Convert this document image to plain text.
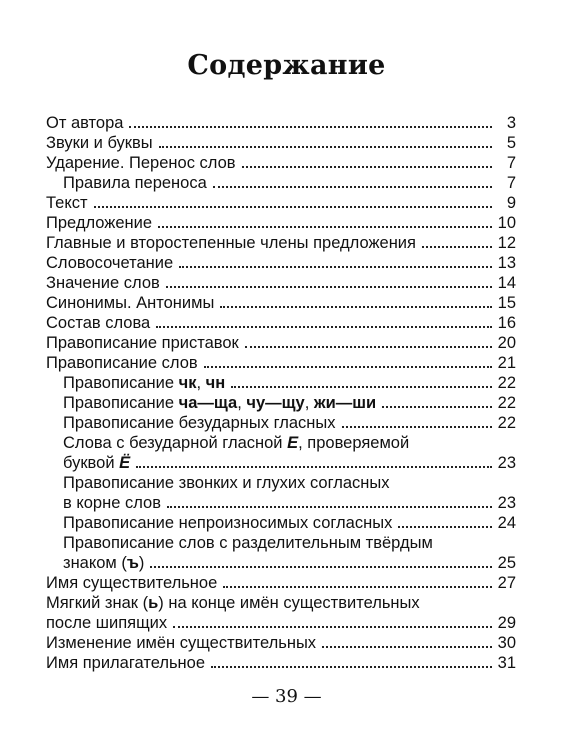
Содержание
От автора	3
Звуки и буквы	5
Ударение. Перенос слов	7
Правила переноса	7
Текст	9
Предложение	10
Главные и второстепенные члены предложения	12
Словосочетание	13
Значение слов	14
Синонимы. Антонимы	15
Состав слова	16
Правописание приставок	20
Правописание слов	21
Правописание чк, чн	22
Правописание ча—ща, чу—щу, жи—ши	22
Правописание безударных гласных	22
Слова с безударной гласной Е, проверяемой
буквой Ё	23
Правописание звонких и глухих согласных
в корне слов	23
Правописание непроизносимых согласных	24
Правописание слов с разделительным твёрдым
знаком (ъ)	25
Имя существительное	27
Мягкий знак (ь) на конце имён существительных
после шипящих	29
Изменение имён существительных	30
Имя прилагательное	31
— 39 —
